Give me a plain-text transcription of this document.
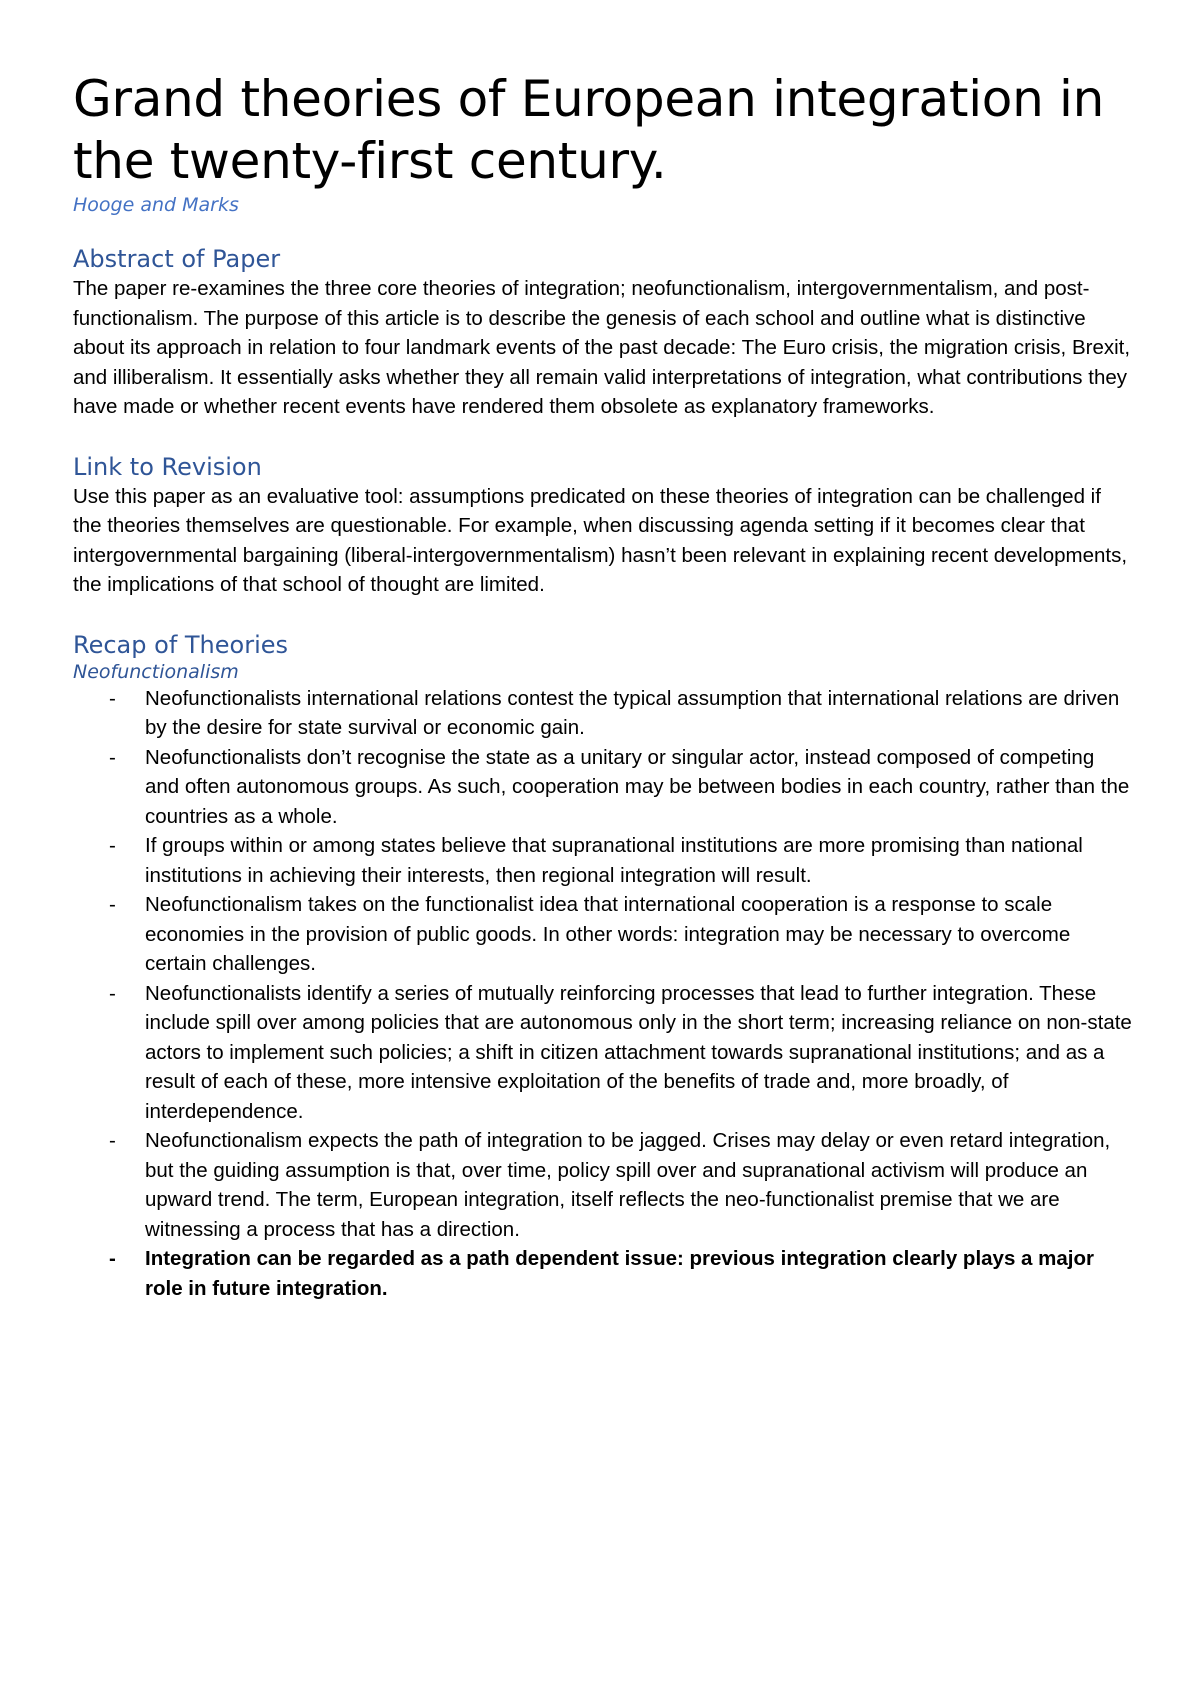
Grand theories of European integration in the twenty-first century.

Hooge and Marks

Abstract of Paper

The paper re-examines the three core theories of integration; neofunctionalism, intergovernmentalism, and post-functionalism. The purpose of this article is to describe the genesis of each school and outline what is distinctive about its approach in relation to four landmark events of the past decade: The Euro crisis, the migration crisis, Brexit, and illiberalism. It essentially asks whether they all remain valid interpretations of integration, what contributions they have made or whether recent events have rendered them obsolete as explanatory frameworks.

Link to Revision

Use this paper as an evaluative tool: assumptions predicated on these theories of integration can be challenged if the theories themselves are questionable. For example, when discussing agenda setting if it becomes clear that intergovernmental bargaining (liberal-intergovernmentalism) hasn’t been relevant in explaining recent developments, the implications of that school of thought are limited.

Recap of Theories
Neofunctionalism
- Neofunctionalists international relations contest the typical assumption that international relations are driven by the desire for state survival or economic gain.
- Neofunctionalists don’t recognise the state as a unitary or singular actor, instead composed of competing and often autonomous groups. As such, cooperation may be between bodies in each country, rather than the countries as a whole.
- If groups within or among states believe that supranational institutions are more promising than national institutions in achieving their interests, then regional integration will result.
- Neofunctionalism takes on the functionalist idea that international cooperation is a response to scale economies in the provision of public goods. In other words: integration may be necessary to overcome certain challenges.
- Neofunctionalists identify a series of mutually reinforcing processes that lead to further integration. These include spill over among policies that are autonomous only in the short term; increasing reliance on non-state actors to implement such policies; a shift in citizen attachment towards supranational institutions; and as a result of each of these, more intensive exploitation of the benefits of trade and, more broadly, of interdependence.
- Neofunctionalism expects the path of integration to be jagged. Crises may delay or even retard integration, but the guiding assumption is that, over time, policy spill over and supranational activism will produce an upward trend. The term, European integration, itself reflects the neo-functionalist premise that we are witnessing a process that has a direction.
- Integration can be regarded as a path dependent issue: previous integration clearly plays a major role in future integration.
